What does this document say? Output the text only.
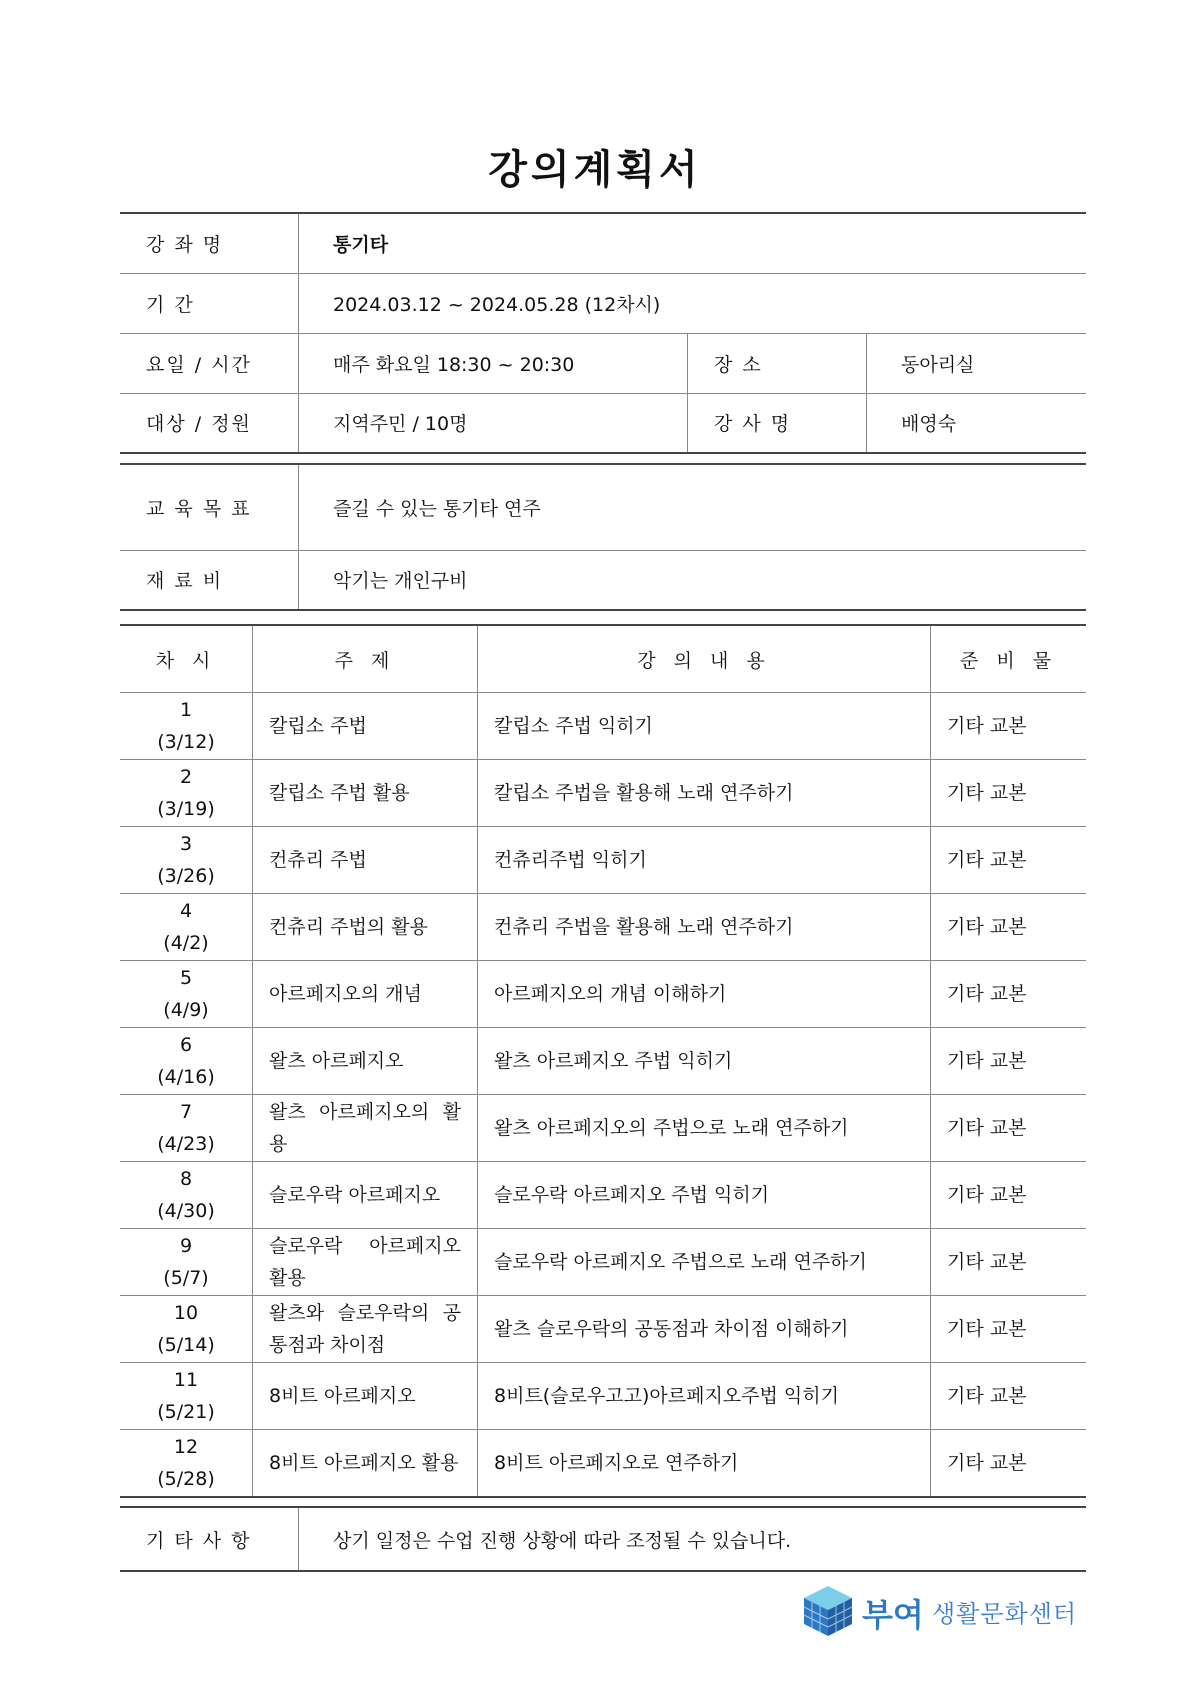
강의계획서
강 좌 명	통기타		
기 간	2024.03.12 ~ 2024.05.28 (12차시)		
요일 / 시간	매주 화요일 18:30 ~ 20:30	장 소	동아리실
대상 / 정원	지역주민 / 10명	강 사 명	배영숙
교 육 목 표	즐길 수 있는 통기타 연주
재 료 비	악기는 개인구비
차 시	주 제	강 의 내 용	준 비 물

1
(3/12)	칼립소 주법	칼립소 주법 익히기	기타 교본

2
(3/19)	칼립소 주법 활용	칼립소 주법을 활용해 노래 연주하기	기타 교본

3
(3/26)	컨츄리 주법	컨츄리주법 익히기	기타 교본

4
(4/2)	컨츄리 주법의 활용	컨츄리 주법을 활용해 노래 연주하기	기타 교본

5
(4/9)	아르페지오의 개념	아르페지오의 개념 이해하기	기타 교본

6
(4/16)	왈츠 아르페지오	왈츠 아르페지오 주법 익히기	기타 교본

7
(4/23)	왈츠 아르페지오의 활용	왈츠 아르페지오의 주법으로 노래 연주하기	기타 교본

8
(4/30)	슬로우락 아르페지오	슬로우락 아르페지오 주법 익히기	기타 교본

9
(5/7)	슬로우락 아르페지오 활용	슬로우락 아르페지오 주법으로 노래 연주하기	기타 교본

10
(5/14)	왈츠와 슬로우락의 공통점과 차이점	왈츠 슬로우락의 공동점과 차이점 이해하기	기타 교본

11
(5/21)	8비트 아르페지오	8비트(슬로우고고)아르페지오주법 익히기	기타 교본

12
(5/28)	8비트 아르페지오 활용	8비트 아르페지오로 연주하기	기타 교본
기 타 사 항	상기 일정은 수업 진행 상황에 따라 조정될 수 있습니다.
부여 생활문화센터
